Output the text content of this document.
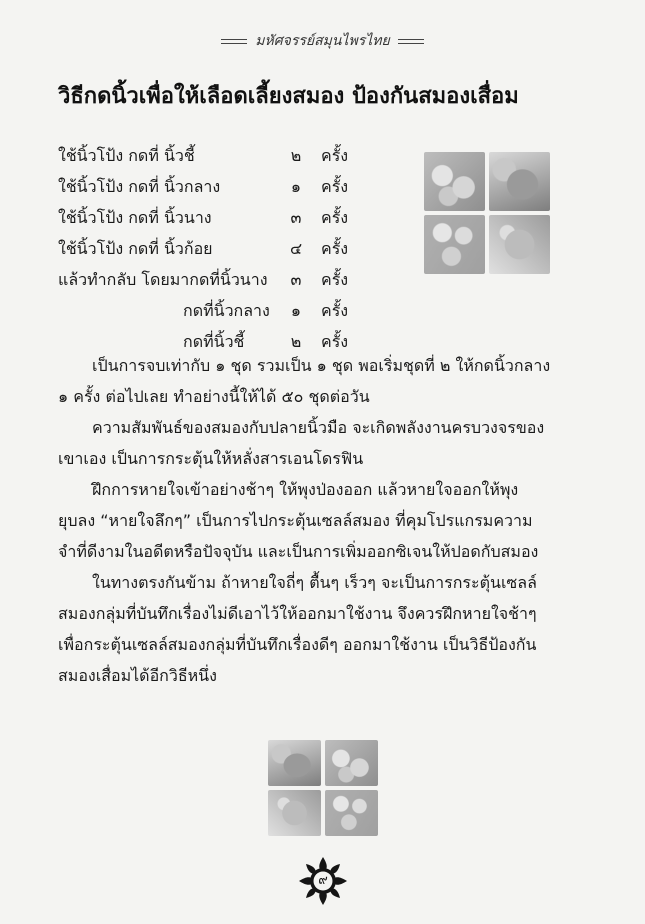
มหัศจรรย์สมุนไพรไทย
วิธีกดนิ้วเพื่อให้เลือดเลี้ยงสมอง ป้องกันสมองเสื่อม
ใช้นิ้วโป้ง กดที่ นิ้วชี้	๒	ครั้ง
ใช้นิ้วโป้ง กดที่ นิ้วกลาง	๑	ครั้ง
ใช้นิ้วโป้ง กดที่ นิ้วนาง	๓	ครั้ง
ใช้นิ้วโป้ง กดที่ นิ้วก้อย	๔	ครั้ง
แล้วทำกลับ โดยมากดที่นิ้วนาง	๓	ครั้ง
กดที่นิ้วกลาง	๑	ครั้ง
กดที่นิ้วชี้	๒	ครั้ง
เป็นการจบเท่ากับ ๑ ชุด รวมเป็น ๑ ชุด พอเริ่มชุดที่ ๒ ให้กดนิ้วกลาง
๑ ครั้ง ต่อไปเลย ทำอย่างนี้ให้ได้ ๕๐ ชุดต่อวัน
ความสัมพันธ์ของสมองกับปลายนิ้วมือ จะเกิดพลังงานครบวงจรของ
เขาเอง เป็นการกระตุ้นให้หลั่งสารเอนโดรฟิน
ฝึกการหายใจเข้าอย่างช้าๆ ให้พุงป่องออก แล้วหายใจออกให้พุง
ยุบลง “หายใจลึกๆ” เป็นการไปกระตุ้นเซลล์สมอง ที่คุมโปรแกรมความ
จำที่ดีงามในอดีตหรือปัจจุบัน และเป็นการเพิ่มออกซิเจนให้ปอดกับสมอง
ในทางตรงกันข้าม ถ้าหายใจถี่ๆ ตื้นๆ เร็วๆ จะเป็นการกระตุ้นเซลล์
สมองกลุ่มที่บันทึกเรื่องไม่ดีเอาไว้ให้ออกมาใช้งาน จึงควรฝึกหายใจช้าๆ
เพื่อกระตุ้นเซลล์สมองกลุ่มที่บันทึกเรื่องดีๆ ออกมาใช้งาน เป็นวิธีป้องกัน
สมองเสื่อมได้อีกวิธีหนึ่ง
๙
